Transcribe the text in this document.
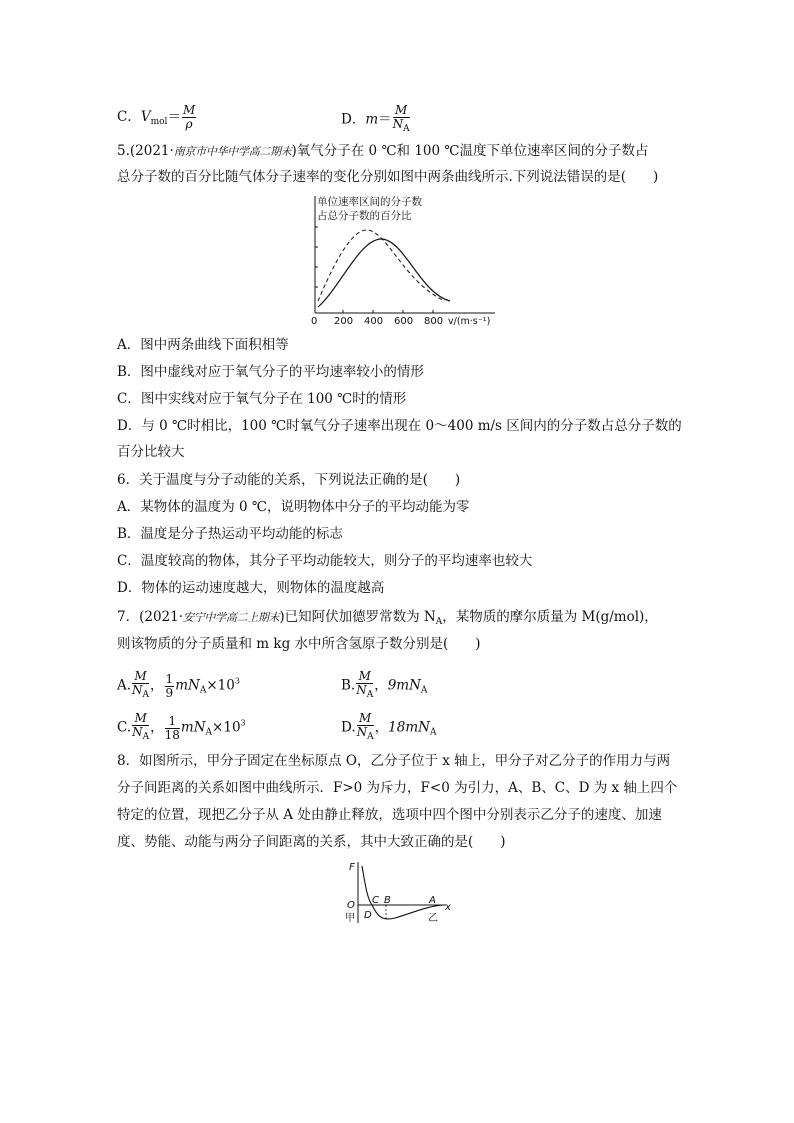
C．$V_{mol}= \frac{M}{\rho}$	D．$m= \frac{M}{N_A}$
5.(2021·南京市中华中学高二期末)氧气分子在 0 ℃和 100 ℃温度下单位速率区间的分子数占
总分子数的百分比随气体分子速率的变化分别如图中两条曲线所示.下列说法错误的是(　　)
单位速率区间的分子数
占总分子数的百分比
0 200 400 600 800 v/(m·s⁻¹)
A．图中两条曲线下面积相等
B．图中虚线对应于氧气分子的平均速率较小的情形
C．图中实线对应于氧气分子在 100 ℃时的情形
D．与 0 ℃时相比，100 ℃时氧气分子速率出现在 0～400 m/s 区间内的分子数占总分子数的
百分比较大
6．关于温度与分子动能的关系，下列说法正确的是(　　)
A．某物体的温度为 0 ℃，说明物体中分子的平均动能为零
B．温度是分子热运动平均动能的标志
C．温度较高的物体，其分子平均动能较大，则分子的平均速率也较大
D．物体的运动速度越大，则物体的温度越高
7．(2021·安宁中学高二上期末)已知阿伏加德罗常数为 $N_A$，某物质的摩尔质量为 M(g/mol)，
则该物质的分子质量和 m kg 水中所含氢原子数分别是(　　)
A. $\frac{M}{N_A}$ ， $\frac{1}{9} mN_A\times 10^3$	B. $\frac{M}{N_A}$ ，$9mN_A$
C. $\frac{M}{N_A}$ ， $\frac{1}{18} mN_A\times 10^3$	D. $\frac{M}{N_A}$ ，$18mN_A$
8．如图所示，甲分子固定在坐标原点 O，乙分子位于 x 轴上，甲分子对乙分子的作用力与两
分子间距离的关系如图中曲线所示．F>0 为斥力，F<0 为引力，A、B、C、D 为 x 轴上四个
特定的位置，现把乙分子从 A 处由静止释放，选项中四个图中分别表示乙分子的速度、加速
度、势能、动能与两分子间距离的关系，其中大致正确的是(　　)
F
O
甲
C B
D
A
乙
x
